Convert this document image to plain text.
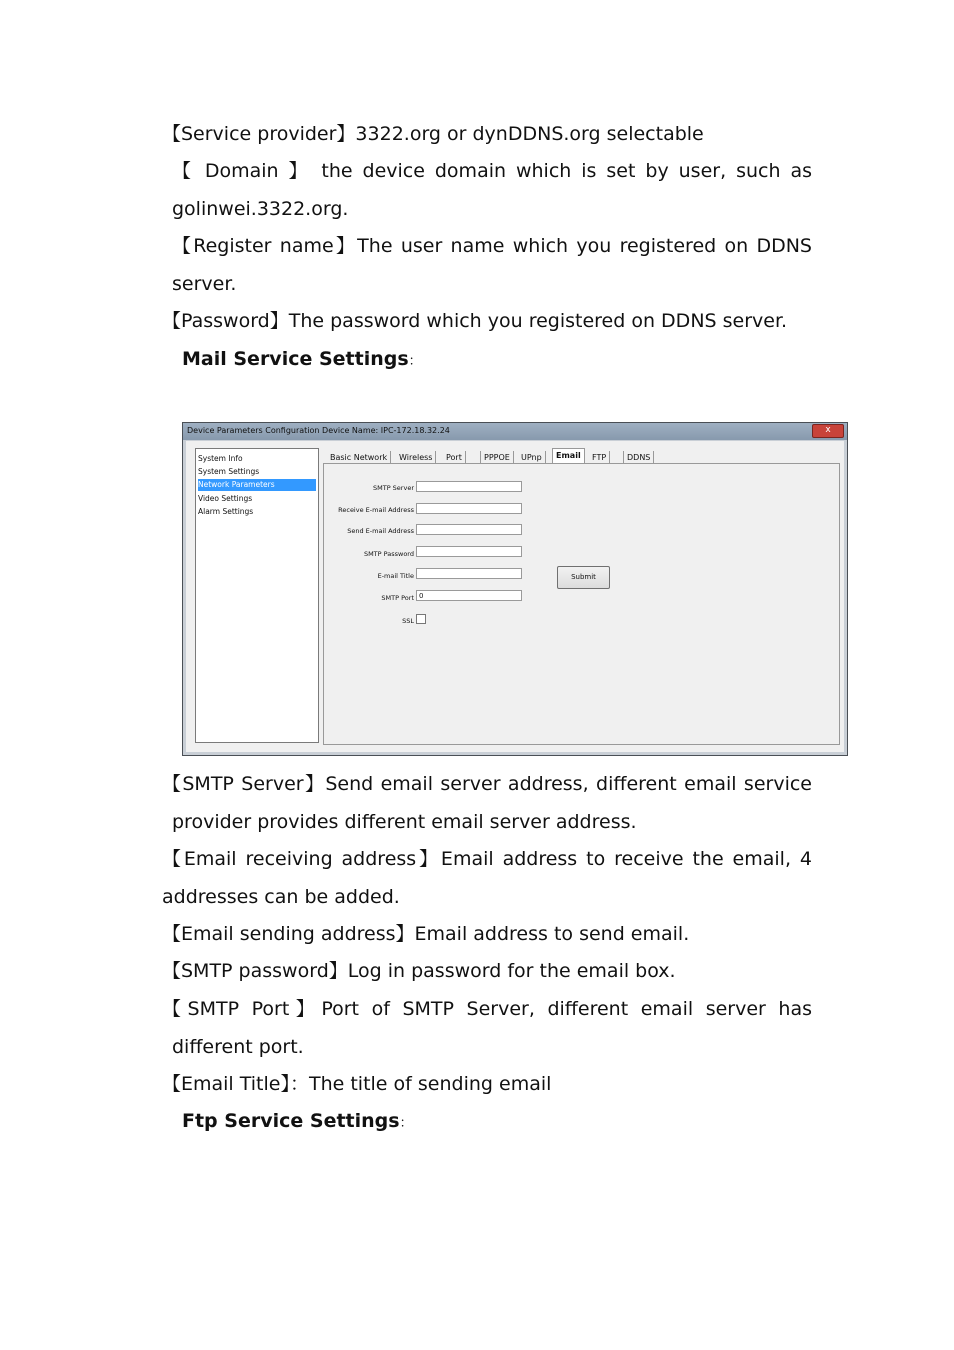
【Service provider】3322.org or dynDDNS.org selectable
【 Domain 】 the device domain which is set by user, such as
golinwei.3322.org.
【Register name】The user name which you registered on DDNS
server.
【Password】The password which you registered on DDNS server.
Mail Service Settings：
Device Parameters Configuration Device Name: IPC-172.18.32.24	x
System Info
System Settings
Network Parameters
Video Settings
Alarm Settings
Basic Network	Wireless	Port	PPPOE	UPnp	Email	FTP	DDNS
SMTP Server
Receive E-mail Address
Send E-mail Address
SMTP Password
E-mail Title
SMTP Port 0
SSL
Submit
【SMTP Server】Send email server address, different email service
provider provides different email server address.
【Email receiving address】Email address to receive the email, 4
addresses can be added.
【Email sending address】Email address to send email.
【SMTP password】Log in password for the email box.
【SMTP Port】Port of SMTP Server, different email server has
different port.
【Email Title】：The title of sending email
Ftp Service Settings：
